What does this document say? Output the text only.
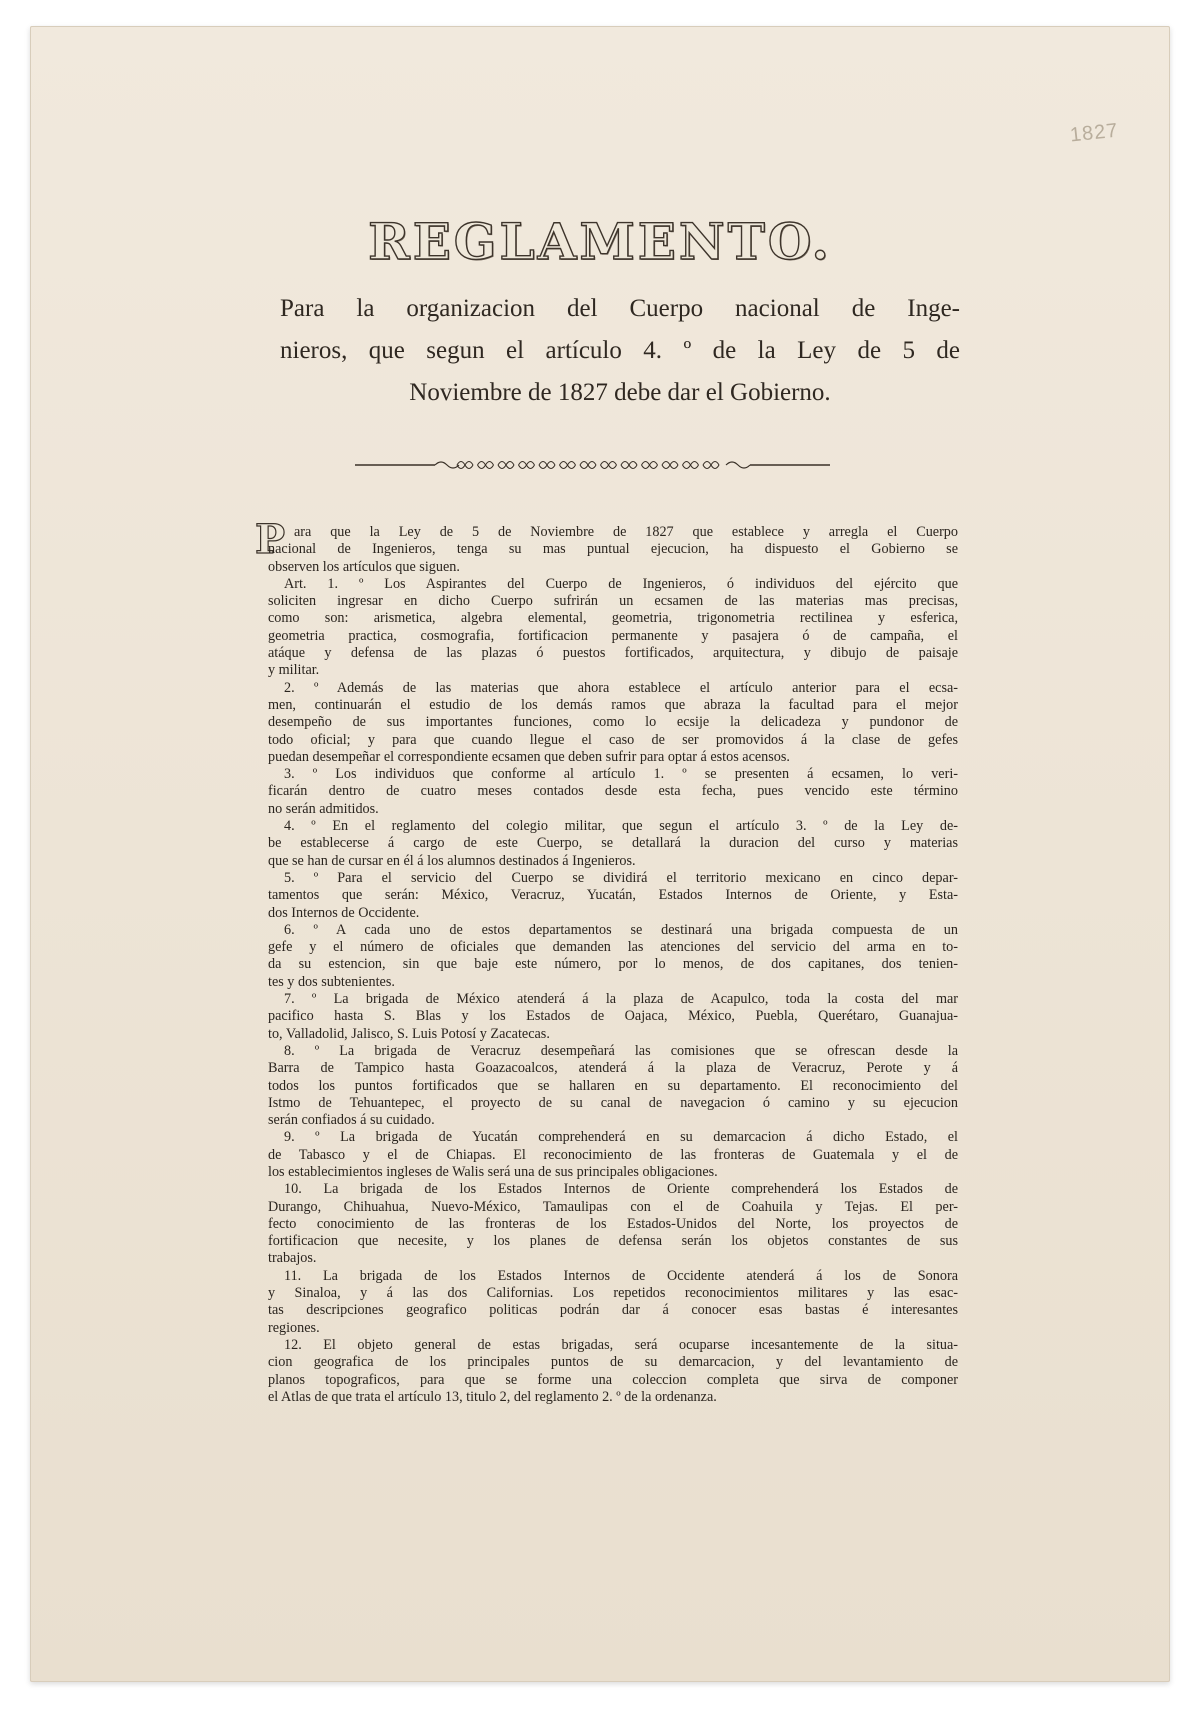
1827
REGLAMENTO.
Para la organizacion del Cuerpo nacional de Inge-
nieros, que segun el artículo 4. º de la Ley de 5 de
Noviembre de 1827 debe dar el Gobierno.
P ara que la Ley de 5 de Noviembre de 1827 que establece y arregla el Cuerpo
nacional de Ingenieros, tenga su mas puntual ejecucion, ha dispuesto el Gobierno se
observen los artículos que siguen.
Art. 1. º Los Aspirantes del Cuerpo de Ingenieros, ó individuos del ejército que
soliciten ingresar en dicho Cuerpo sufrirán un ecsamen de las materias mas precisas,
como son: arismetica, algebra elemental, geometria, trigonometria rectilinea y esferica,
geometria practica, cosmografia, fortificacion permanente y pasajera ó de campaña, el
atáque y defensa de las plazas ó puestos fortificados, arquitectura, y dibujo de paisaje
y militar.
2. º Además de las materias que ahora establece el artículo anterior para el ecsa-
men, continuarán el estudio de los demás ramos que abraza la facultad para el mejor
desempeño de sus importantes funciones, como lo ecsije la delicadeza y pundonor de
todo oficial; y para que cuando llegue el caso de ser promovidos á la clase de gefes
puedan desempeñar el correspondiente ecsamen que deben sufrir para optar á estos acensos.
3. º Los individuos que conforme al artículo 1. º se presenten á ecsamen, lo veri-
ficarán dentro de cuatro meses contados desde esta fecha, pues vencido este término
no serán admitidos.
4. º En el reglamento del colegio militar, que segun el artículo 3. º de la Ley de-
be establecerse á cargo de este Cuerpo, se detallará la duracion del curso y materias
que se han de cursar en él á los alumnos destinados á Ingenieros.
5. º Para el servicio del Cuerpo se dividirá el territorio mexicano en cinco depar-
tamentos que serán: México, Veracruz, Yucatán, Estados Internos de Oriente, y Esta-
dos Internos de Occidente.
6. º A cada uno de estos departamentos se destinará una brigada compuesta de un
gefe y el número de oficiales que demanden las atenciones del servicio del arma en to-
da su estencion, sin que baje este número, por lo menos, de dos capitanes, dos tenien-
tes y dos subtenientes.
7. º La brigada de México atenderá á la plaza de Acapulco, toda la costa del mar
pacifico hasta S. Blas y los Estados de Oajaca, México, Puebla, Querétaro, Guanajua-
to, Valladolid, Jalisco, S. Luis Potosí y Zacatecas.
8. º La brigada de Veracruz desempeñará las comisiones que se ofrescan desde la
Barra de Tampico hasta Goazacoalcos, atenderá á la plaza de Veracruz, Perote y á
todos los puntos fortificados que se hallaren en su departamento. El reconocimiento del
Istmo de Tehuantepec, el proyecto de su canal de navegacion ó camino y su ejecucion
serán confiados á su cuidado.
9. º La brigada de Yucatán comprehenderá en su demarcacion á dicho Estado, el
de Tabasco y el de Chiapas. El reconocimiento de las fronteras de Guatemala y el de
los establecimientos ingleses de Walis será una de sus principales obligaciones.
10. La brigada de los Estados Internos de Oriente comprehenderá los Estados de
Durango, Chihuahua, Nuevo-México, Tamaulipas con el de Coahuila y Tejas. El per-
fecto conocimiento de las fronteras de los Estados-Unidos del Norte, los proyectos de
fortificacion que necesite, y los planes de defensa serán los objetos constantes de sus
trabajos.
11. La brigada de los Estados Internos de Occidente atenderá á los de Sonora
y Sinaloa, y á las dos Californias. Los repetidos reconocimientos militares y las esac-
tas descripciones geografico politicas podrán dar á conocer esas bastas é interesantes
regiones.
12. El objeto general de estas brigadas, será ocuparse incesantemente de la situa-
cion geografica de los principales puntos de su demarcacion, y del levantamiento de
planos topograficos, para que se forme una coleccion completa que sirva de componer
el Atlas de que trata el artículo 13, titulo 2, del reglamento 2. º de la ordenanza.
